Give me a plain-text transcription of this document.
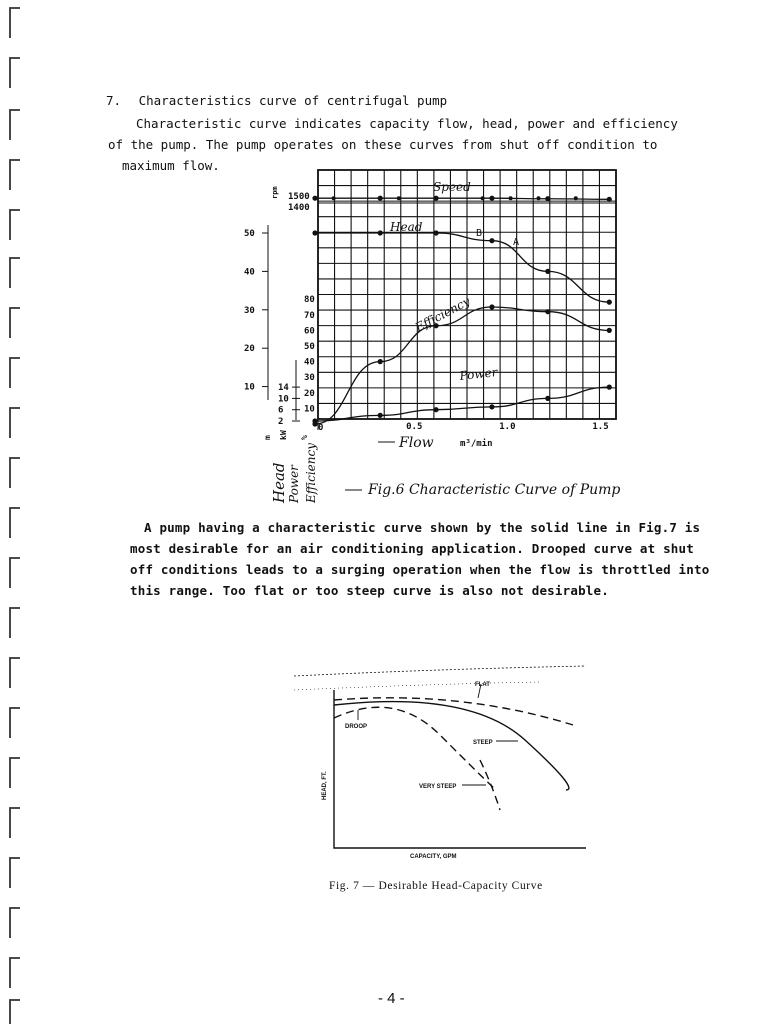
7. Characteristics curve of centrifugal pump
Characteristic curve indicates capacity flow, head, power and efficiency
of the pump. The pump operates on these curves from shut off condition to
maximum flow.
50
40
30
20
10
80
70
60
50
40
30
20
10
0
14
10
6
2
1500
1400
rpm
0.5	1.0	1.5
m kW %
Head Power Efficiency
Speed
Head
Efficiency
Power
B
A
Flow	m³/min
Fig.6 Characteristic Curve of Pump
A pump having a characteristic curve shown by the solid line in Fig.7 is
most desirable for an air conditioning application. Drooped curve at shut
off conditions leads to a surging operation when the flow is throttled into
this range. Too flat or too steep curve is also not desirable.
FLAT
DROOP
STEEP
VERY STEEP
CAPACITY, GPM
HEAD, FT.
Fig. 7 — Desirable Head-Capacity Curve
- 4 -
